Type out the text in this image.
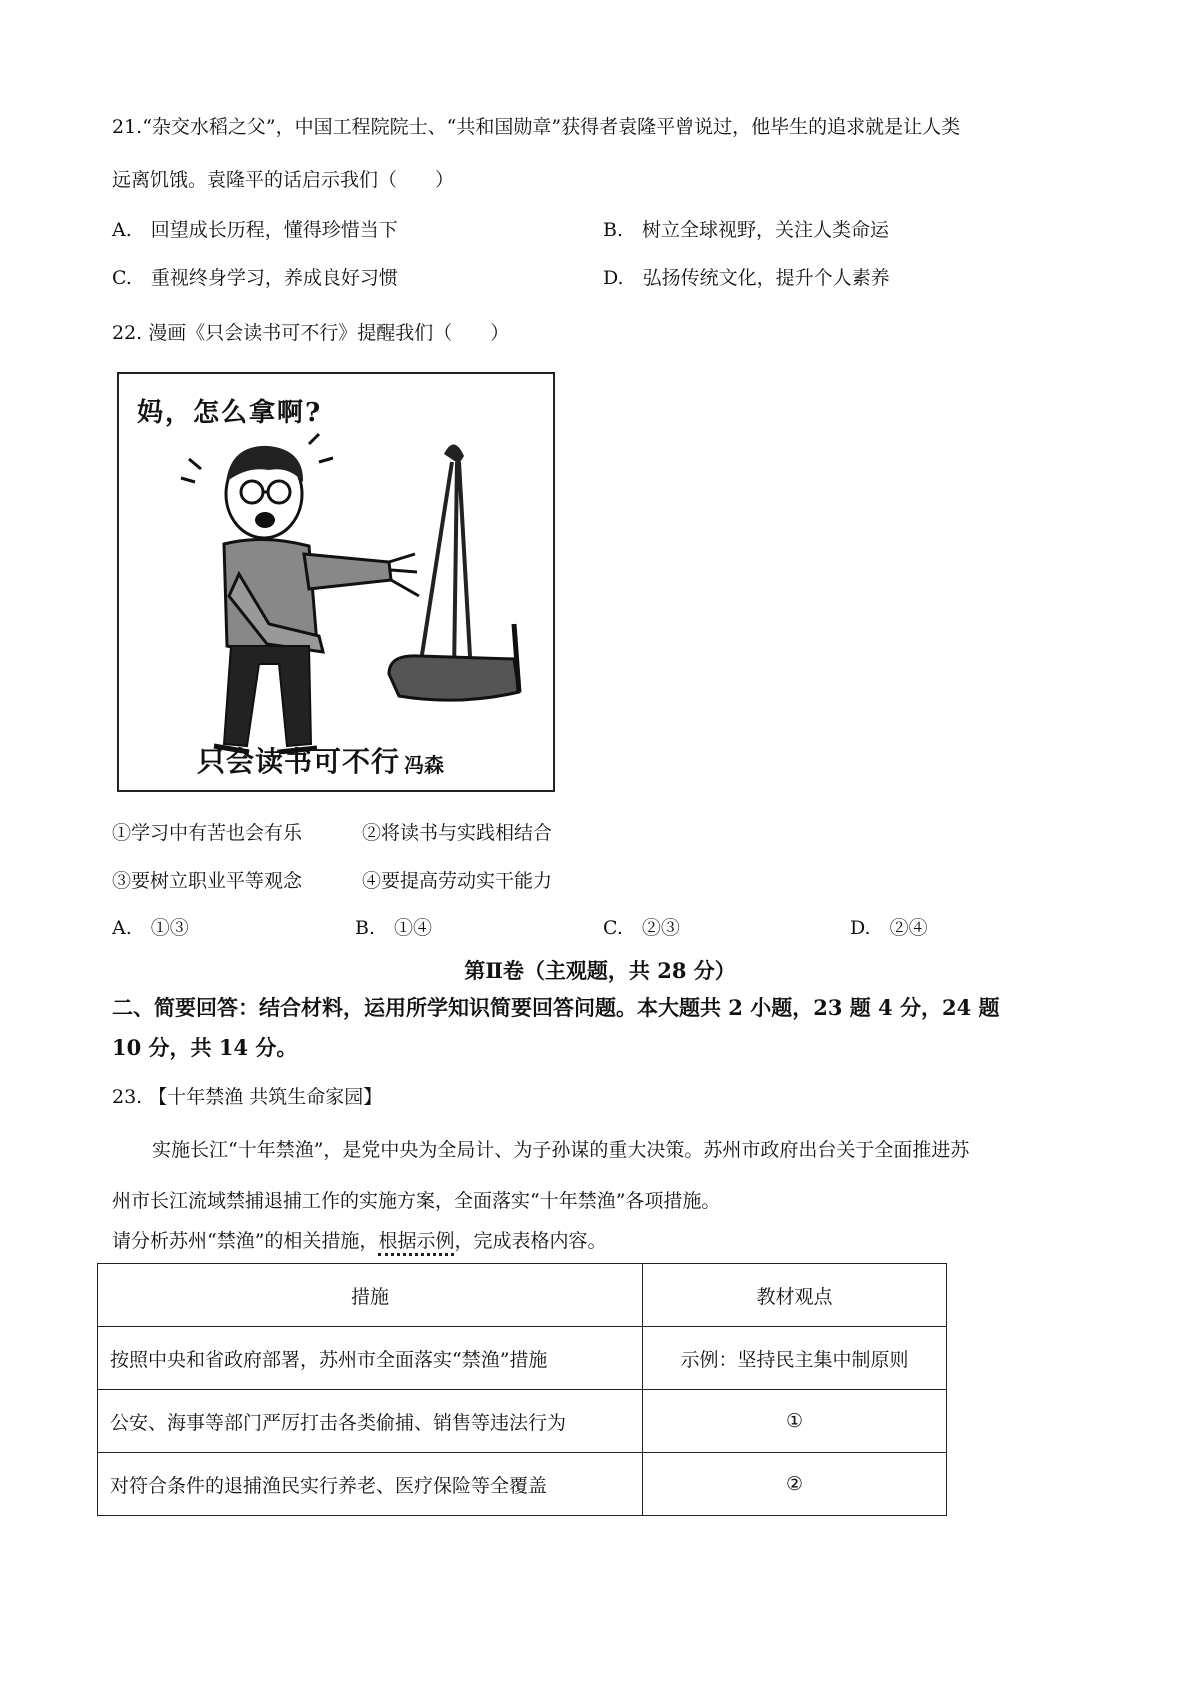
21.“杂交水稻之父”，中国工程院院士、“共和国勋章”获得者袁隆平曾说过，他毕生的追求就是让人类
远离饥饿。袁隆平的话启示我们（　　）
A.　回望成长历程，懂得珍惜当下	B.　树立全球视野，关注人类命运
C.　重视终身学习，养成良好习惯	D.　弘扬传统文化，提升个人素养
22. 漫画《只会读书可不行》提醒我们（　　）
妈，怎么拿啊?
只会读书可不行 冯森
①学习中有苦也会有乐	②将读书与实践相结合
③要树立职业平等观念	④要提高劳动实干能力
A.　①③	B.　①④	C.　②③	D.　②④
第Ⅱ卷（主观题，共 28 分）
二、简要回答：结合材料，运用所学知识简要回答问题。本大题共 2 小题，23 题 4 分，24 题
10 分，共 14 分。
23. 【十年禁渔 共筑生命家园】
实施长江“十年禁渔”，是党中央为全局计、为子孙谋的重大决策。苏州市政府出台关于全面推进苏
州市长江流域禁捕退捕工作的实施方案，全面落实“十年禁渔”各项措施。
请分析苏州“禁渔”的相关措施，根据示例，完成表格内容。
措施	教材观点
按照中央和省政府部署，苏州市全面落实“禁渔”措施	示例：坚持民主集中制原则
公安、海事等部门严厉打击各类偷捕、销售等违法行为	①
对符合条件的退捕渔民实行养老、医疗保险等全覆盖	②
